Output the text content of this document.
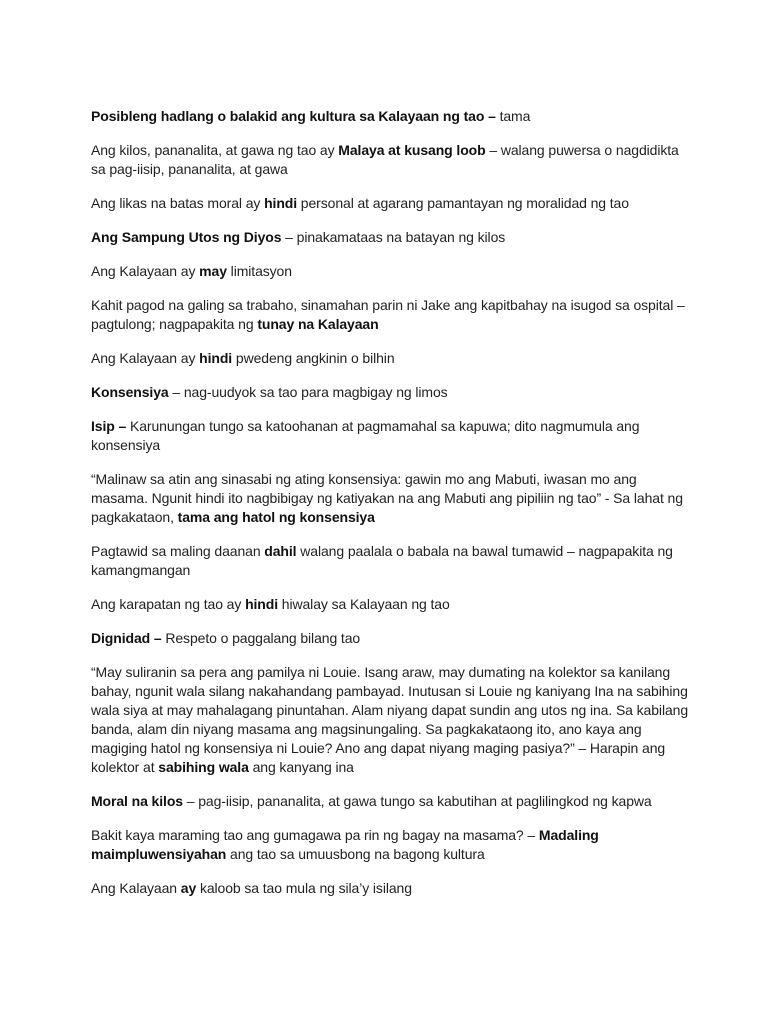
Posibleng hadlang o balakid ang kultura sa Kalayaan ng tao – tama

Ang kilos, pananalita, at gawa ng tao ay Malaya at kusang loob – walang puwersa o nagdidikta sa pag-iisip, pananalita, at gawa

Ang likas na batas moral ay hindi personal at agarang pamantayan ng moralidad ng tao

Ang Sampung Utos ng Diyos – pinakamataas na batayan ng kilos

Ang Kalayaan ay may limitasyon

Kahit pagod na galing sa trabaho, sinamahan parin ni Jake ang kapitbahay na isugod sa ospital – pagtulong; nagpapakita ng tunay na Kalayaan

Ang Kalayaan ay hindi pwedeng angkinin o bilhin

Konsensiya – nag-uudyok sa tao para magbigay ng limos

Isip – Karunungan tungo sa katoohanan at pagmamahal sa kapuwa; dito nagmumula ang konsensiya

“Malinaw sa atin ang sinasabi ng ating konsensiya: gawin mo ang Mabuti, iwasan mo ang masama. Ngunit hindi ito nagbibigay ng katiyakan na ang Mabuti ang pipiliin ng tao” - Sa lahat ng pagkakataon, tama ang hatol ng konsensiya

Pagtawid sa maling daanan dahil walang paalala o babala na bawal tumawid – nagpapakita ng kamangmangan

Ang karapatan ng tao ay hindi hiwalay sa Kalayaan ng tao

Dignidad – Respeto o paggalang bilang tao

“May suliranin sa pera ang pamilya ni Louie. Isang araw, may dumating na kolektor sa kanilang bahay, ngunit wala silang nakahandang pambayad. Inutusan si Louie ng kaniyang Ina na sabihing wala siya at may mahalagang pinuntahan. Alam niyang dapat sundin ang utos ng ina. Sa kabilang banda, alam din niyang masama ang magsinungaling. Sa pagkakataong ito, ano kaya ang magiging hatol ng konsensiya ni Louie? Ano ang dapat niyang maging pasiya?” – Harapin ang kolektor at sabihing wala ang kanyang ina

Moral na kilos – pag-iisip, pananalita, at gawa tungo sa kabutihan at paglilingkod ng kapwa

Bakit kaya maraming tao ang gumagawa pa rin ng bagay na masama? – Madaling maimpluwensiyahan ang tao sa umuusbong na bagong kultura

Ang Kalayaan ay kaloob sa tao mula ng sila’y isilang
